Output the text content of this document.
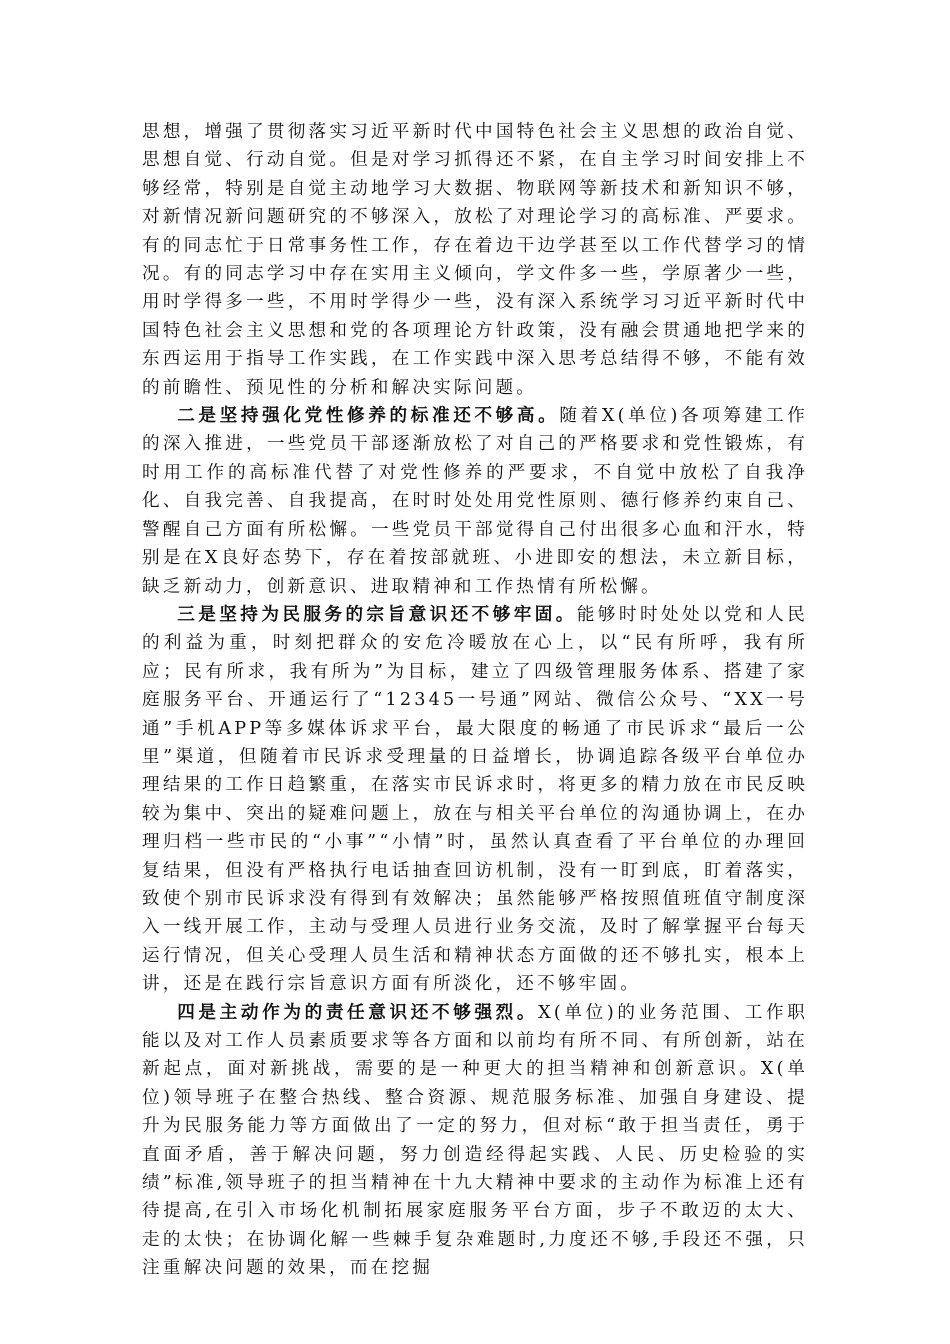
思想，增强了贯彻落实习近平新时代中国特色社会主义思想的政治自觉、思想自觉、行动自觉。但是对学习抓得还不紧，在自主学习时间安排上不够经常，特别是自觉主动地学习大数据、物联网等新技术和新知识不够，对新情况新问题研究的不够深入，放松了对理论学习的高标准、严要求。有的同志忙于日常事务性工作，存在着边干边学甚至以工作代替学习的情况。有的同志学习中存在实用主义倾向，学文件多一些，学原著少一些，用时学得多一些，不用时学得少一些，没有深入系统学习习近平新时代中国特色社会主义思想和党的各项理论方针政策，没有融会贯通地把学来的东西运用于指导工作实践，在工作实践中深入思考总结得不够，不能有效的前瞻性、预见性的分析和解决实际问题。

二是坚持强化党性修养的标准还不够高。随着X(单位)各项筹建工作的深入推进，一些党员干部逐渐放松了对自己的严格要求和党性锻炼，有时用工作的高标准代替了对党性修养的严要求，不自觉中放松了自我净化、自我完善、自我提高，在时时处处用党性原则、德行修养约束自己、警醒自己方面有所松懈。一些党员干部觉得自己付出很多心血和汗水，特别是在X良好态势下，存在着按部就班、小进即安的想法，未立新目标，缺乏新动力，创新意识、进取精神和工作热情有所松懈。

三是坚持为民服务的宗旨意识还不够牢固。能够时时处处以党和人民的利益为重，时刻把群众的安危冷暖放在心上，以“民有所呼，我有所应；民有所求，我有所为”为目标，建立了四级管理服务体系、搭建了家庭服务平台、开通运行了“12345一号通”网站、微信公众号、“XX一号通”手机APP等多媒体诉求平台，最大限度的畅通了市民诉求“最后一公里”渠道，但随着市民诉求受理量的日益增长，协调追踪各级平台单位办理结果的工作日趋繁重，在落实市民诉求时，将更多的精力放在市民反映较为集中、突出的疑难问题上，放在与相关平台单位的沟通协调上，在办理归档一些市民的“小事”“小情”时，虽然认真查看了平台单位的办理回复结果，但没有严格执行电话抽查回访机制，没有一盯到底，盯着落实，致使个别市民诉求没有得到有效解决；虽然能够严格按照值班值守制度深入一线开展工作，主动与受理人员进行业务交流，及时了解掌握平台每天运行情况，但关心受理人员生活和精神状态方面做的还不够扎实，根本上讲，还是在践行宗旨意识方面有所淡化，还不够牢固。

四是主动作为的责任意识还不够强烈。X(单位)的业务范围、工作职能以及对工作人员素质要求等各方面和以前均有所不同、有所创新，站在新起点，面对新挑战，需要的是一种更大的担当精神和创新意识。X(单位)领导班子在整合热线、整合资源、规范服务标准、加强自身建设、提升为民服务能力等方面做出了一定的努力，但对标“敢于担当责任，勇于直面矛盾，善于解决问题，努力创造经得起实践、人民、历史检验的实绩”标准,领导班子的担当精神在十九大精神中要求的主动作为标准上还有待提高,在引入市场化机制拓展家庭服务平台方面，步子不敢迈的太大、走的太快；在协调化解一些棘手复杂难题时,力度还不够,手段还不强，只注重解决问题的效果，而在挖掘
